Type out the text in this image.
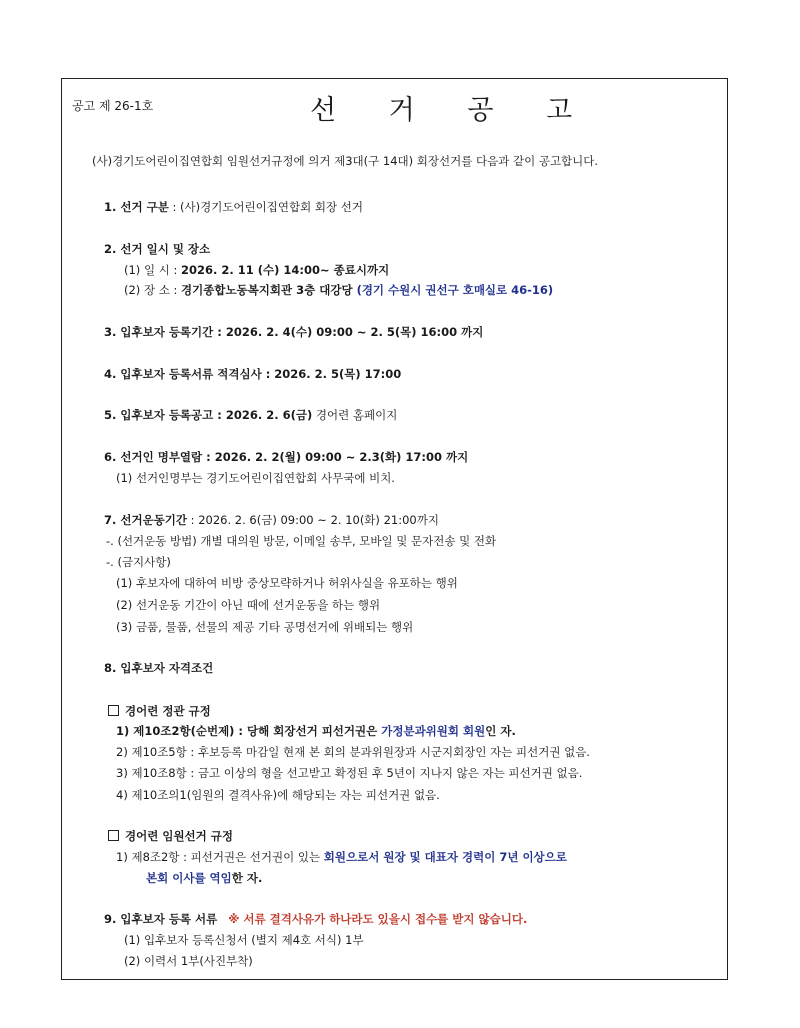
공고 제 26-1호	선 거 공 고
(사)경기도어린이집연합회 임원선거규정에 의거 제3대(구 14대) 회장선거를 다음과 같이 공고합니다.
1. 선거 구분 : (사)경기도어린이집연합회 회장 선거
2. 선거 일시 및 장소
(1) 일 시 : 2026. 2. 11 (수) 14:00~ 종료시까지
(2) 장 소 : 경기종합노동복지회관 3층 대강당 (경기 수원시 권선구 호매실로 46-16)
3. 입후보자 등록기간 : 2026. 2. 4(수) 09:00 ~ 2. 5(목) 16:00 까지
4. 입후보자 등록서류 적격심사 : 2026. 2. 5(목) 17:00
5. 입후보자 등록공고 : 2026. 2. 6(금) 경어련 홈페이지
6. 선거인 명부열람 : 2026. 2. 2(월) 09:00 ~ 2.3(화) 17:00 까지
(1) 선거인명부는 경기도어린이집연합회 사무국에 비치.
7. 선거운동기간 : 2026. 2. 6(금) 09:00 ~ 2. 10(화) 21:00까지
-. (선거운동 방법) 개별 대의원 방문, 이메일 송부, 모바일 및 문자전송 및 전화
-. (금지사항)
(1) 후보자에 대하여 비방 중상모략하거나 허위사실을 유포하는 행위
(2) 선거운동 기간이 아닌 때에 선거운동을 하는 행위
(3) 금품, 물품, 선물의 제공 기타 공명선거에 위배되는 행위
8. 입후보자 자격조건
경어련 정관 규정
1) 제10조2항(순번제) : 당해 회장선거 피선거권은 가정분과위원회 회원인 자.
2) 제10조5항 : 후보등록 마감일 현재 본 회의 분과위원장과 시군지회장인 자는 피선거권 없음.
3) 제10조8항 : 금고 이상의 형을 선고받고 확정된 후 5년이 지나지 않은 자는 피선거권 없음.
4) 제10조의1(임원의 결격사유)에 해당되는 자는 피선거권 없음.
경어련 임원선거 규정
1) 제8조2항 : 피선거권은 선거권이 있는 회원으로서 원장 및 대표자 경력이 7년 이상으로
본회 이사를 역임한 자.
9. 입후보자 등록 서류 ※ 서류 결격사유가 하나라도 있을시 접수를 받지 않습니다.
(1) 입후보자 등록신청서 (별지 제4호 서식) 1부
(2) 이력서 1부(사진부착)
